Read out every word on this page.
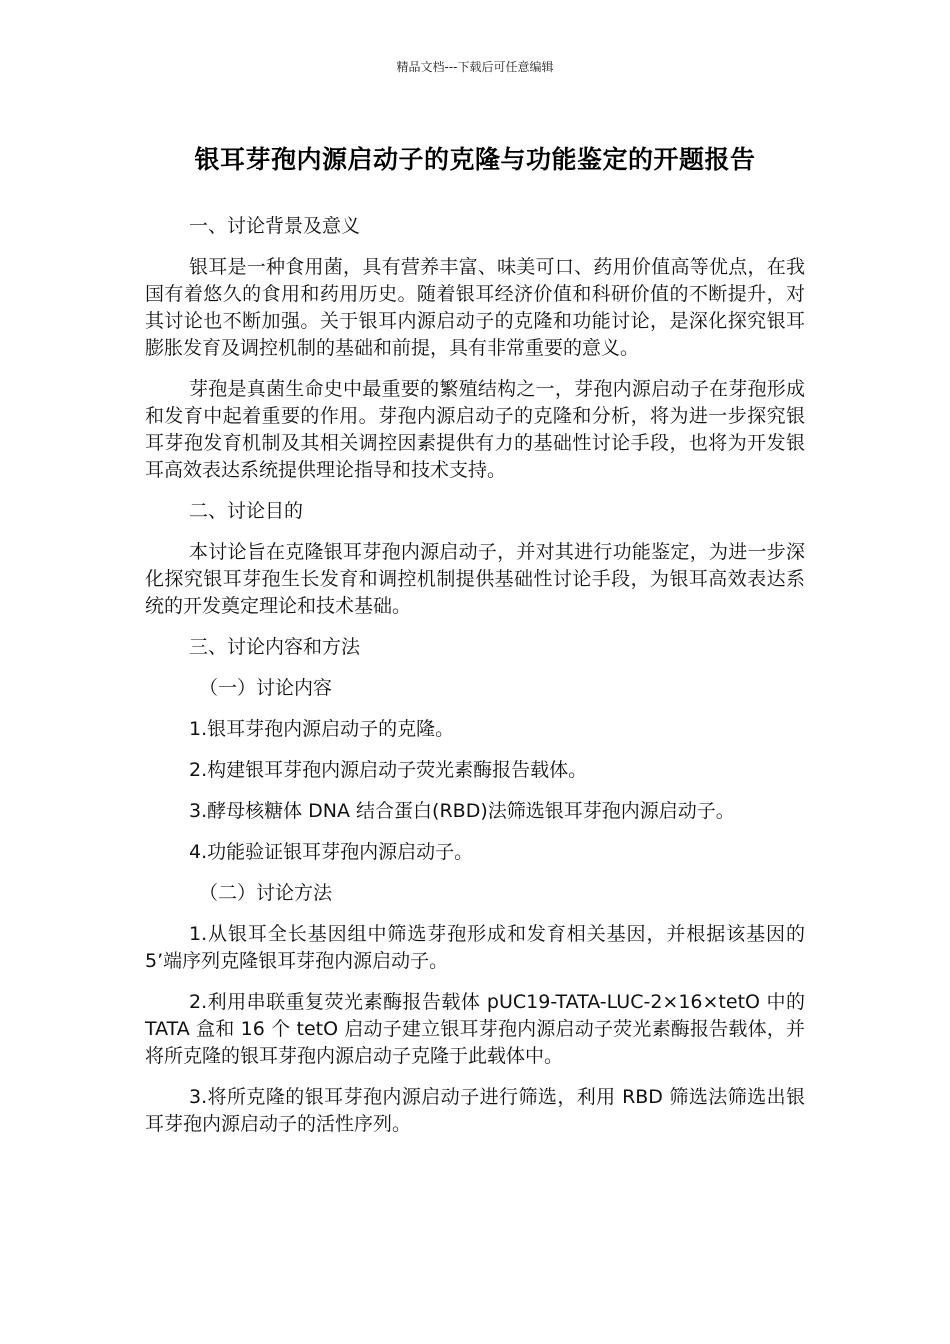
精品文档---下载后可任意编辑
银耳芽孢内源启动子的克隆与功能鉴定的开题报告
一、讨论背景及意义

银耳是一种食用菌，具有营养丰富、味美可口、药用价值高等优点，在我国有着悠久的食用和药用历史。随着银耳经济价值和科研价值的不断提升，对其讨论也不断加强。关于银耳内源启动子的克隆和功能讨论，是深化探究银耳膨胀发育及调控机制的基础和前提，具有非常重要的意义。

芽孢是真菌生命史中最重要的繁殖结构之一，芽孢内源启动子在芽孢形成和发育中起着重要的作用。芽孢内源启动子的克隆和分析，将为进一步探究银耳芽孢发育机制及其相关调控因素提供有力的基础性讨论手段，也将为开发银耳高效表达系统提供理论指导和技术支持。

二、讨论目的

本讨论旨在克隆银耳芽孢内源启动子，并对其进行功能鉴定，为进一步深化探究银耳芽孢生长发育和调控机制提供基础性讨论手段，为银耳高效表达系统的开发奠定理论和技术基础。

三、讨论内容和方法
（一）讨论内容
1.银耳芽孢内源启动子的克隆。
2.构建银耳芽孢内源启动子荧光素酶报告载体。
3.酵母核糖体 DNA 结合蛋白(RBD)法筛选银耳芽孢内源启动子。
4.功能验证银耳芽孢内源启动子。
（二）讨论方法

1.从银耳全长基因组中筛选芽孢形成和发育相关基因，并根据该基因的 5’端序列克隆银耳芽孢内源启动子。

2.利用串联重复荧光素酶报告载体 pUC19-TATA-LUC-2×16×tetO 中的 TATA 盒和 16 个 tetO 启动子建立银耳芽孢内源启动子荧光素酶报告载体，并将所克隆的银耳芽孢内源启动子克隆于此载体中。

3.将所克隆的银耳芽孢内源启动子进行筛选，利用 RBD 筛选法筛选出银耳芽孢内源启动子的活性序列。
